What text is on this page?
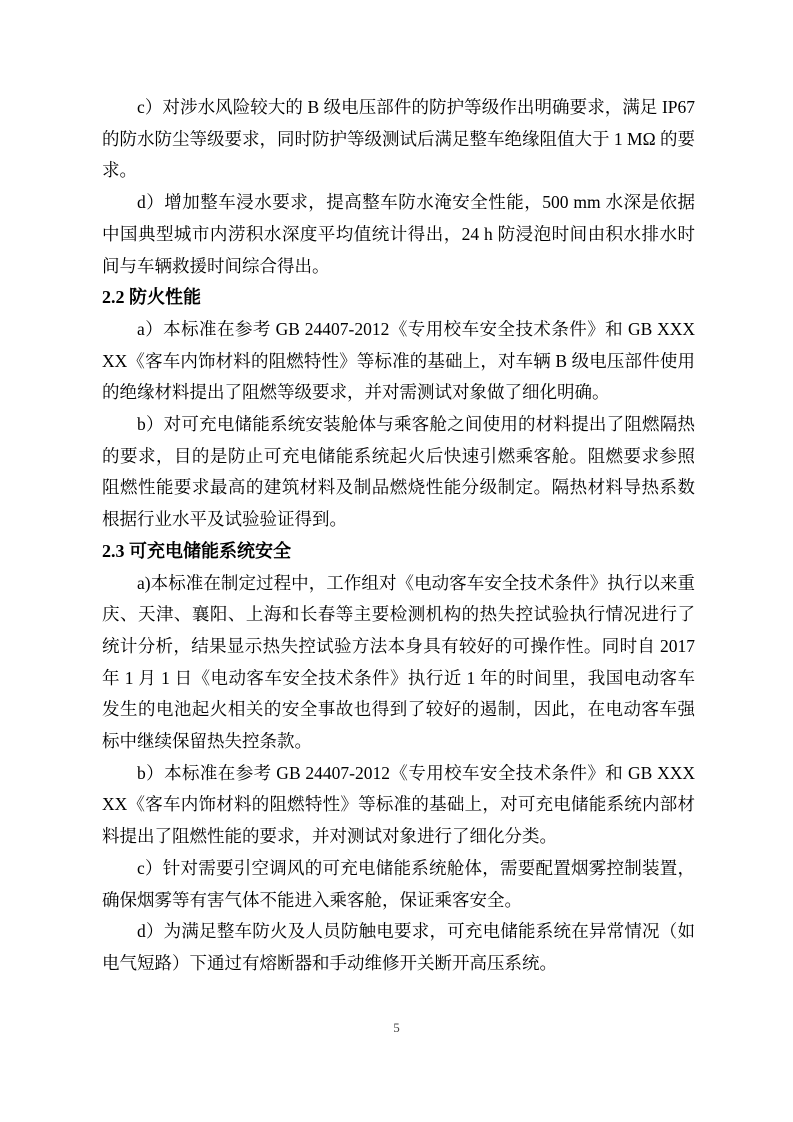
c）对涉水风险较大的 B 级电压部件的防护等级作出明确要求，满足 IP67 的防水防尘等级要求，同时防护等级测试后满足整车绝缘阻值大于 1 MΩ 的要求。

d）增加整车浸水要求，提高整车防水淹安全性能，500 mm 水深是依据中国典型城市内涝积水深度平均值统计得出，24 h 防浸泡时间由积水排水时间与车辆救援时间综合得出。

2.2 防火性能

a）本标准在参考 GB 24407-2012《专用校车安全技术条件》和 GB XXXXX《客车内饰材料的阻燃特性》等标准的基础上，对车辆 B 级电压部件使用的绝缘材料提出了阻燃等级要求，并对需测试对象做了细化明确。

b）对可充电储能系统安装舱体与乘客舱之间使用的材料提出了阻燃隔热的要求，目的是防止可充电储能系统起火后快速引燃乘客舱。阻燃要求参照阻燃性能要求最高的建筑材料及制品燃烧性能分级制定。隔热材料导热系数根据行业水平及试验验证得到。

2.3 可充电储能系统安全

a)本标准在制定过程中，工作组对《电动客车安全技术条件》执行以来重庆、天津、襄阳、上海和长春等主要检测机构的热失控试验执行情况进行了统计分析，结果显示热失控试验方法本身具有较好的可操作性。同时自 2017 年 1 月 1 日《电动客车安全技术条件》执行近 1 年的时间里，我国电动客车发生的电池起火相关的安全事故也得到了较好的遏制，因此，在电动客车强标中继续保留热失控条款。

b）本标准在参考 GB 24407-2012《专用校车安全技术条件》和 GB XXXXX《客车内饰材料的阻燃特性》等标准的基础上，对可充电储能系统内部材料提出了阻燃性能的要求，并对测试对象进行了细化分类。

c）针对需要引空调风的可充电储能系统舱体，需要配置烟雾控制装置，确保烟雾等有害气体不能进入乘客舱，保证乘客安全。

d）为满足整车防火及人员防触电要求，可充电储能系统在异常情况（如电气短路）下通过有熔断器和手动维修开关断开高压系统。

5
